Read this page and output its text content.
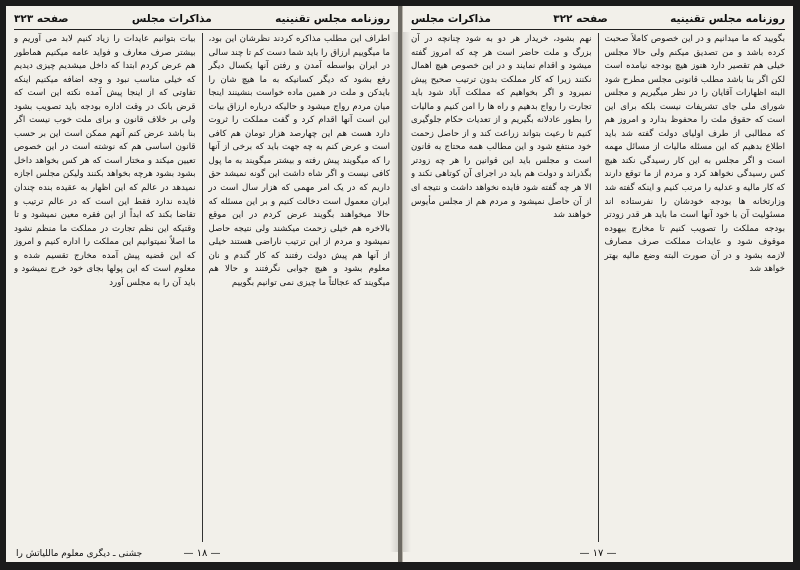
روزنامه مجلس تقنینیه
مذاکرات مجلس
صفحه ۳۲۳

اطراف این مطلب مذاکره کردند نظرشان این بود، ما میگوییم ارزاق را باید شما دست کم تا چند سالی در ایران بواسطه آمدن و رفتن آنها یکسال دیگر رفع بشود که دیگر کسانیکه به ما هیچ شان را بایدکن و ملت در همین ماده خواست بنشینند اینجا میان مردم رواج میشود و حالیکه درباره ارزاق بیات این است آنها اقدام کرد و گفت مملکت را ثروت دارد هست هم این چهارصد هزار تومان هم کافی است و عرض کنم به چه جهت باید که برخی از آنها را که میگویند پیش رفته و بیشتر میگویند به ما پول کافی نیست و اگر شاه داشت این گونه نمیشد حق داریم که در یک امر مهمی که هزار سال است در ایران معمول است دخالت کنیم و بر این مسئله که حالا میخواهند بگویند عرض کردم در این موقع بالاخره هم خیلی زحمت میکشند ولی نتیجه حاصل نمیشود و مردم از این ترتیب ناراضی هستند خیلی از آنها هم پیش دولت رفتند که کار گندم و نان معلوم بشود و هیچ جوابی نگرفتند و حالا هم میگویند که عجالتاً ما چیزی نمی توانیم بگوییم

بیات بتوانیم عایدات را زیاد کنیم لابد می آوریم و بیشتر صرف معارف و فواید عامه میکنیم هماطور هم عرض کردم ابتدا که داخل میشدیم چیزی دیدیم که خیلی مناسب نبود و وجه اضافه میکنیم اینکه تفاوتی که از اینجا پیش آمده نکته این است که قرض بانک در وقت اداره بودجه باید تصویب بشود ولی بر خلاف قانون و برای ملت خوب نیست اگر بنا باشد عرض کنم آنهم ممکن است این بر حسب قانون اساسی هم که نوشته است در این خصوص تعیین میکند و مختار است که هر کس بخواهد داخل بشود بشود هرچه بخواهد بکنند ولیکن مجلس اجازه نمیدهد در عالم که این اظهار به عقیده بنده چندان فایده ندارد فقط این است که در عالم ترتیب و تقاضا بکند که ابداً از این فقره معین نمیشود و تا وقتیکه این نظم تجارت در مملکت ما منظم نشود ما اصلاً نمیتوانیم این مملکت را اداره کنیم و امروز که این قضیه پیش آمده مخارج تقسیم شده و معلوم است که این پولها بجای خود خرج نمیشود و باید آن را به مجلس آورد

جشنی ـ دیگری معلوم ماللیاتش را	— ۱۸ —
روزنامه مجلس تقنینیه
صفحه ۳۲۲
مذاکرات مجلس

بگویید که ما میدانیم و در این خصوص کاملاً صحبت کرده باشد و من تصدیق میکنم ولی حالا مجلس خیلی هم تقصیر دارد هنوز هیچ بودجه نیامده است لکن اگر بنا باشد مطلب قانونی مجلس مطرح شود البته اظهارات آقایان را در نظر میگیریم و مجلس شورای ملی جای تشریفات نیست بلکه برای این است که حقوق ملت را محفوظ بدارد و امروز هم که مطالبی از طرف اولیای دولت گفته شد باید اطلاع بدهیم که این مسئله مالیات از مسائل مهمه است و اگر مجلس به این کار رسیدگی نکند هیچ کس رسیدگی نخواهد کرد و مردم از ما توقع دارند که کار مالیه و عدلیه را مرتب کنیم و اینکه گفته شد وزارتخانه ها بودجه خودشان را نفرستاده اند مسئولیت آن با خود آنها است ما باید هر قدر زودتر بودجه مملکت را تصویب کنیم تا مخارج بیهوده موقوف شود و عایدات مملکت صرف مصارف لازمه بشود و در آن صورت البته وضع مالیه بهتر خواهد شد

نهم بشود، خریدار هر دو به شود چنانچه در آن بزرگ و ملت حاضر است هر چه که امروز گفته میشود و اقدام نمایند و در این خصوص هیچ اهمال نکنند زیرا که کار مملکت بدون ترتیب صحیح پیش نمیرود و اگر بخواهیم که مملکت آباد شود باید تجارت را رواج بدهیم و راه ها را امن کنیم و مالیات را بطور عادلانه بگیریم و از تعدیات حکام جلوگیری کنیم تا رعیت بتواند زراعت کند و از حاصل زحمت خود منتفع شود و این مطالب همه محتاج به قانون است و مجلس باید این قوانین را هر چه زودتر بگذراند و دولت هم باید در اجرای آن کوتاهی نکند و الا هر چه گفته شود فایده نخواهد داشت و نتیجه ای از آن حاصل نمیشود و مردم هم از مجلس مأیوس خواهند شد

— ۱۷ —
